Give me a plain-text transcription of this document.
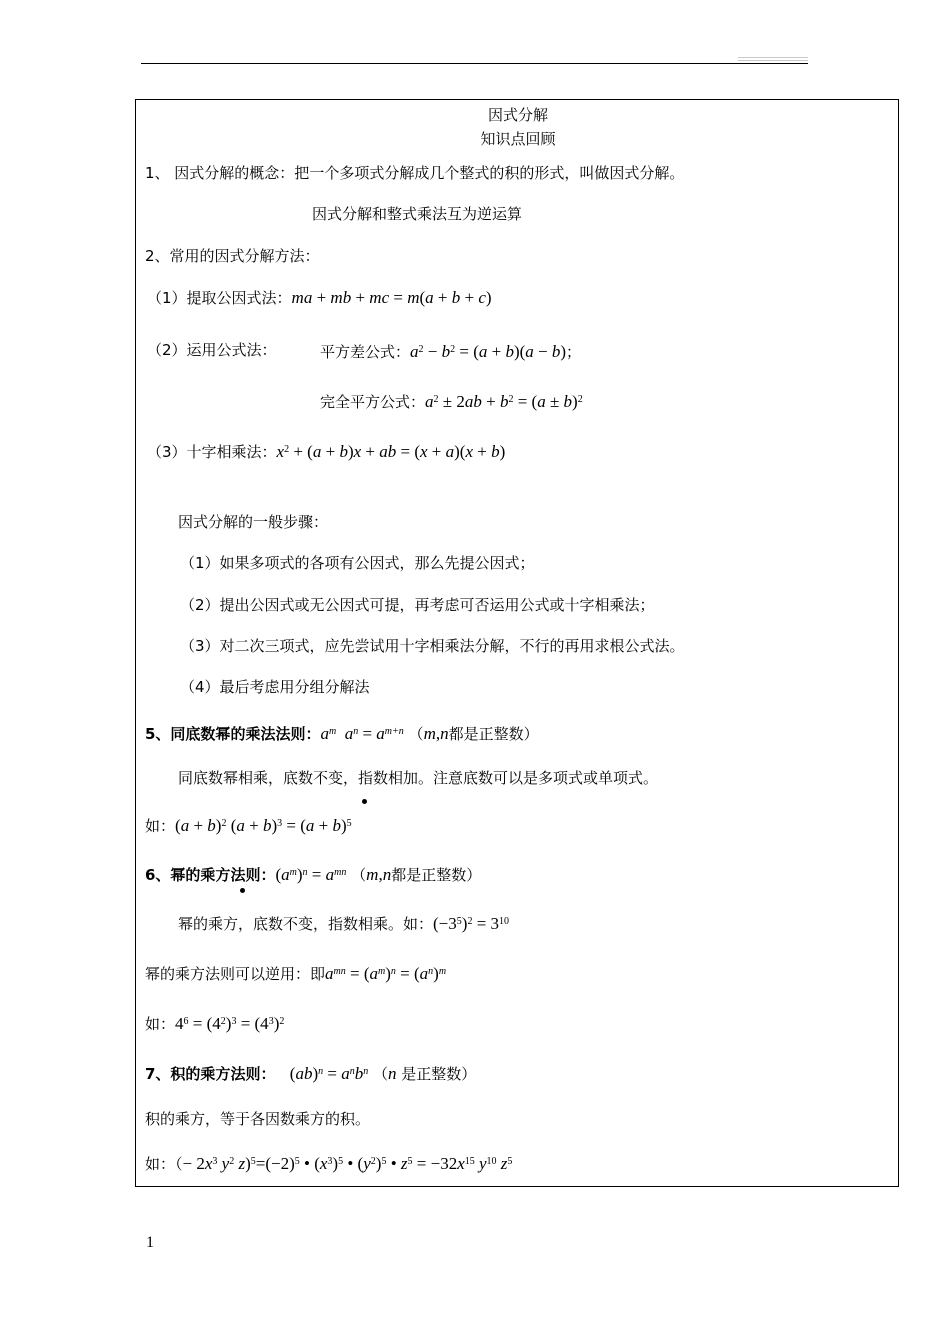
因式分解
知识点回顾
1、 因式分解的概念：把一个多项式分解成几个整式的积的形式，叫做因式分解。
因式分解和整式乘法互为逆运算
2、常用的因式分解方法：
（1）提取公因式法：ma + mb + mc = m(a + b + c)
（2）运用公式法：	平方差公式：$a^2 - b^2 = (a + b)(a - b)$；
完全平方公式：$a^2 \pm 2ab + b^2 = (a \pm b)^2$
（3）十字相乘法：$x^2 + (a + b)x$ + ab = (x + a)(x + b)
因式分解的一般步骤：
（1）如果多项式的各项有公因式，那么先提公因式；
（2）提出公因式或无公因式可提，再考虑可否运用公式或十字相乘法；
（3）对二次三项式，应先尝试用十字相乘法分解，不行的再用求根公式法。
（4）最后考虑用分组分解法
5、同底数幂的乘法法则：$a^m$  $a^n = a^{m+n}$ （m,n都是正整数）
同底数幂相乘，底数不变，指数相加。注意底数可以是多项式或单项式。
如：$(a + b)^2$ $(a + b)^3 = (a + b)^5$
6、幂的乘方法则：$(a^m)^n = a^{mn}$ （m,n都是正整数）
幂的乘方，底数不变，指数相乘。如：$(-3^5)^2 = 3^{10}$
幂的乘方法则可以逆用：即$a^{mn} = (a^m)^n = (a^n)^m$
如：$4^6 = (4^2)^3 = (4^3)^2$
7、积的乘方法则： $(ab)^n = a^nb^n$ （n 是正整数）
积的乘方，等于各因数乘方的积。
如：（− $2x^3$ $y^2$ $z)^5=(-2)^5$ • $(x^3)^5$ • $(y^2)^5$ • $z^5 = -32x^{15}$ $y^{10}$ $z^5$
1
